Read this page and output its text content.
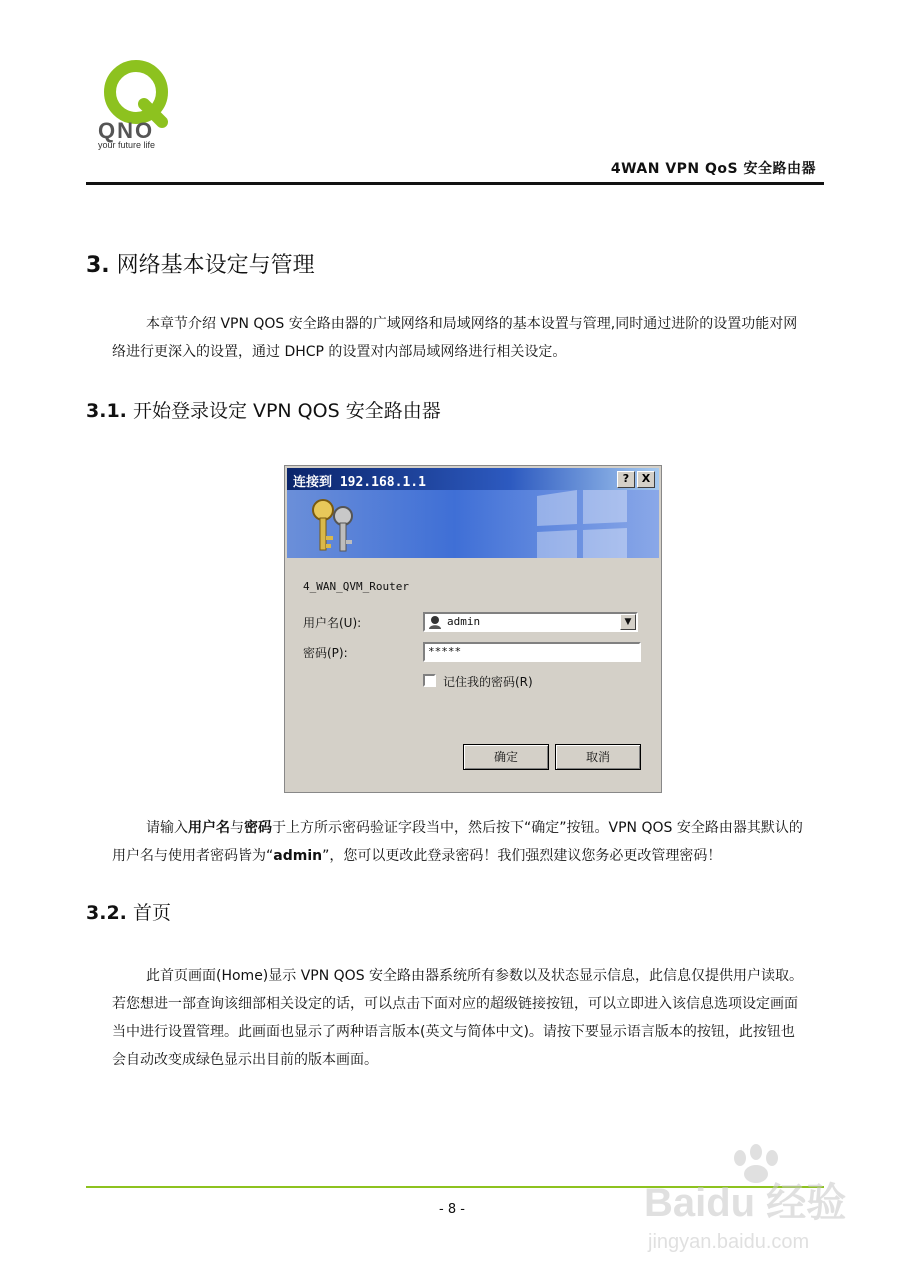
QNO
your future life
4WAN VPN QoS 安全路由器
3. 网络基本设定与管理

本章节介绍 VPN QOS 安全路由器的广域网络和局域网络的基本设置与管理,同时通过进阶的设置功能对网络进行更深入的设置，通过 DHCP 的设置对内部局域网络进行相关设定。

3.1. 开始登录设定 VPN QOS 安全路由器
连接到 192.168.1.1	?	X
4_WAN_QVM_Router
用户名(U):	admin	▼
密码(P):	*****
记住我的密码(R)
确定	取消

请输入用户名与密码于上方所示密码验证字段当中，然后按下“确定”按钮。VPN QOS 安全路由器其默认的用户名与使用者密码皆为“admin”，您可以更改此登录密码！我们强烈建议您务必更改管理密码！

3.2. 首页

此首页画面(Home)显示 VPN QOS 安全路由器系统所有参数以及状态显示信息，此信息仅提供用户读取。 若您想进一部查询该细部相关设定的话，可以点击下面对应的超级链接按钮，可以立即进入该信息选项设定画面当中进行设置管理。此画面也显示了两种语言版本(英文与简体中文)。请按下要显示语言版本的按钮，此按钮也会自动改变成绿色显示出目前的版本画面。

- 8 -	Baidu 经验
jingyan.baidu.com
